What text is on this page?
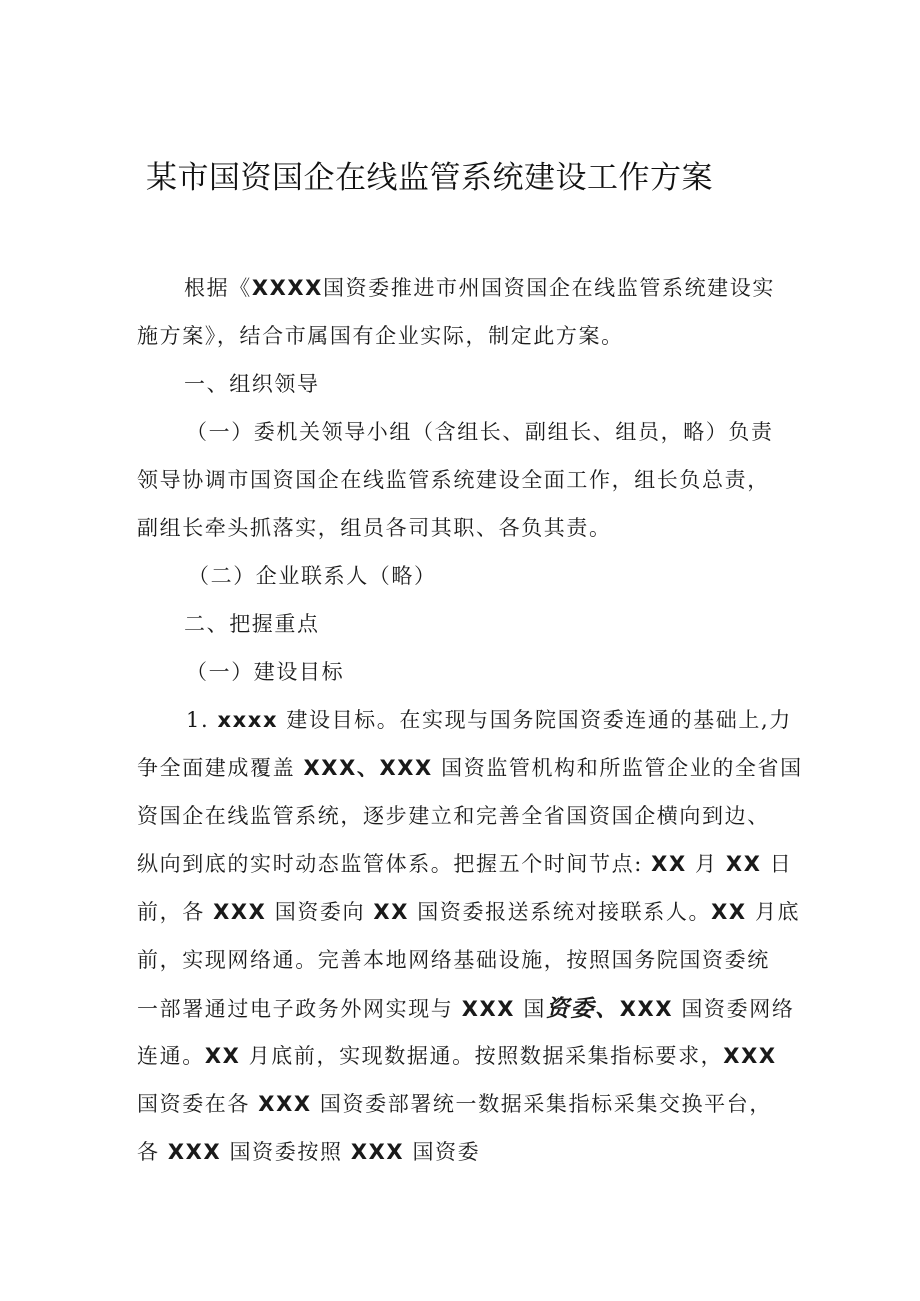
某市国资国企在线监管系统建设工作方案
根据《XXXX国资委推进市州国资国企在线监管系统建设实
施方案》，结合市属国有企业实际，制定此方案。
一、组织领导
（一）委机关领导小组（含组长、副组长、组员，略）负责
领导协调市国资国企在线监管系统建设全面工作，组长负总责，
副组长牵头抓落实，组员各司其职、各负其责。
（二）企业联系人（略）
二、把握重点
（一）建设目标
1. xxxx 建设目标。在实现与国务院国资委连通的基础上,力
争全面建成覆盖 XXX、XXX 国资监管机构和所监管企业的全省国
资国企在线监管系统，逐步建立和完善全省国资国企横向到边、
纵向到底的实时动态监管体系。把握五个时间节点: XX 月 XX 日
前，各 XXX 国资委向 XX 国资委报送系统对接联系人。XX 月底
前，实现网络通。完善本地网络基础设施，按照国务院国资委统
一部署通过电子政务外网实现与 XXX 国资委、XXX 国资委网络
连通。XX 月底前，实现数据通。按照数据采集指标要求，XXX
国资委在各 XXX 国资委部署统一数据采集指标采集交换平台，
各 XXX 国资委按照 XXX 国资委
